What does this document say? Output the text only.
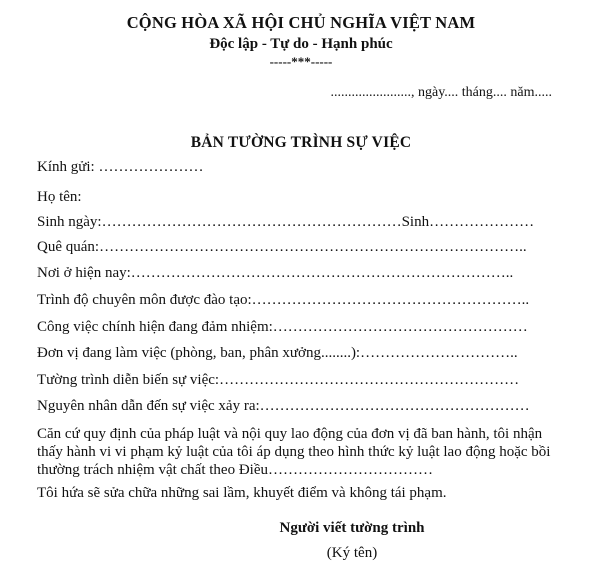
CỘNG HÒA XÃ HỘI CHỦ NGHĨA VIỆT NAM
Độc lập - Tự do - Hạnh phúc
-----***-----
......................., ngày.... tháng.... năm.....
BẢN TƯỜNG TRÌNH SỰ VIỆC
Kính gửi: …………………
Họ tên:
Sinh ngày:……………………………………………………Sinh…………………
Quê quán:…………………………………………………………………………..
Nơi ở hiện nay:…………………………………………………………………..
Trình độ chuyên môn được đào tạo:………………………………………………..
Công việc chính hiện đang đảm nhiệm:……………………………………………
Đơn vị đang làm việc (phòng, ban, phân xưởng........):…………………………..
Tường trình diễn biến sự việc:……………………………………………………
Nguyên nhân dẫn đến sự việc xảy ra:………………………………………………
Căn cứ quy định của pháp luật và nội quy lao động của đơn vị đã ban hành, tôi nhận thấy hành vi vi phạm kỷ luật của tôi áp dụng theo hình thức kỷ luật lao động hoặc bồi thường trách nhiệm vật chất theo Điều……………………………
Tôi hứa sẽ sửa chữa những sai lầm, khuyết điểm và không tái phạm.
Người viết tường trình
(Ký tên)
